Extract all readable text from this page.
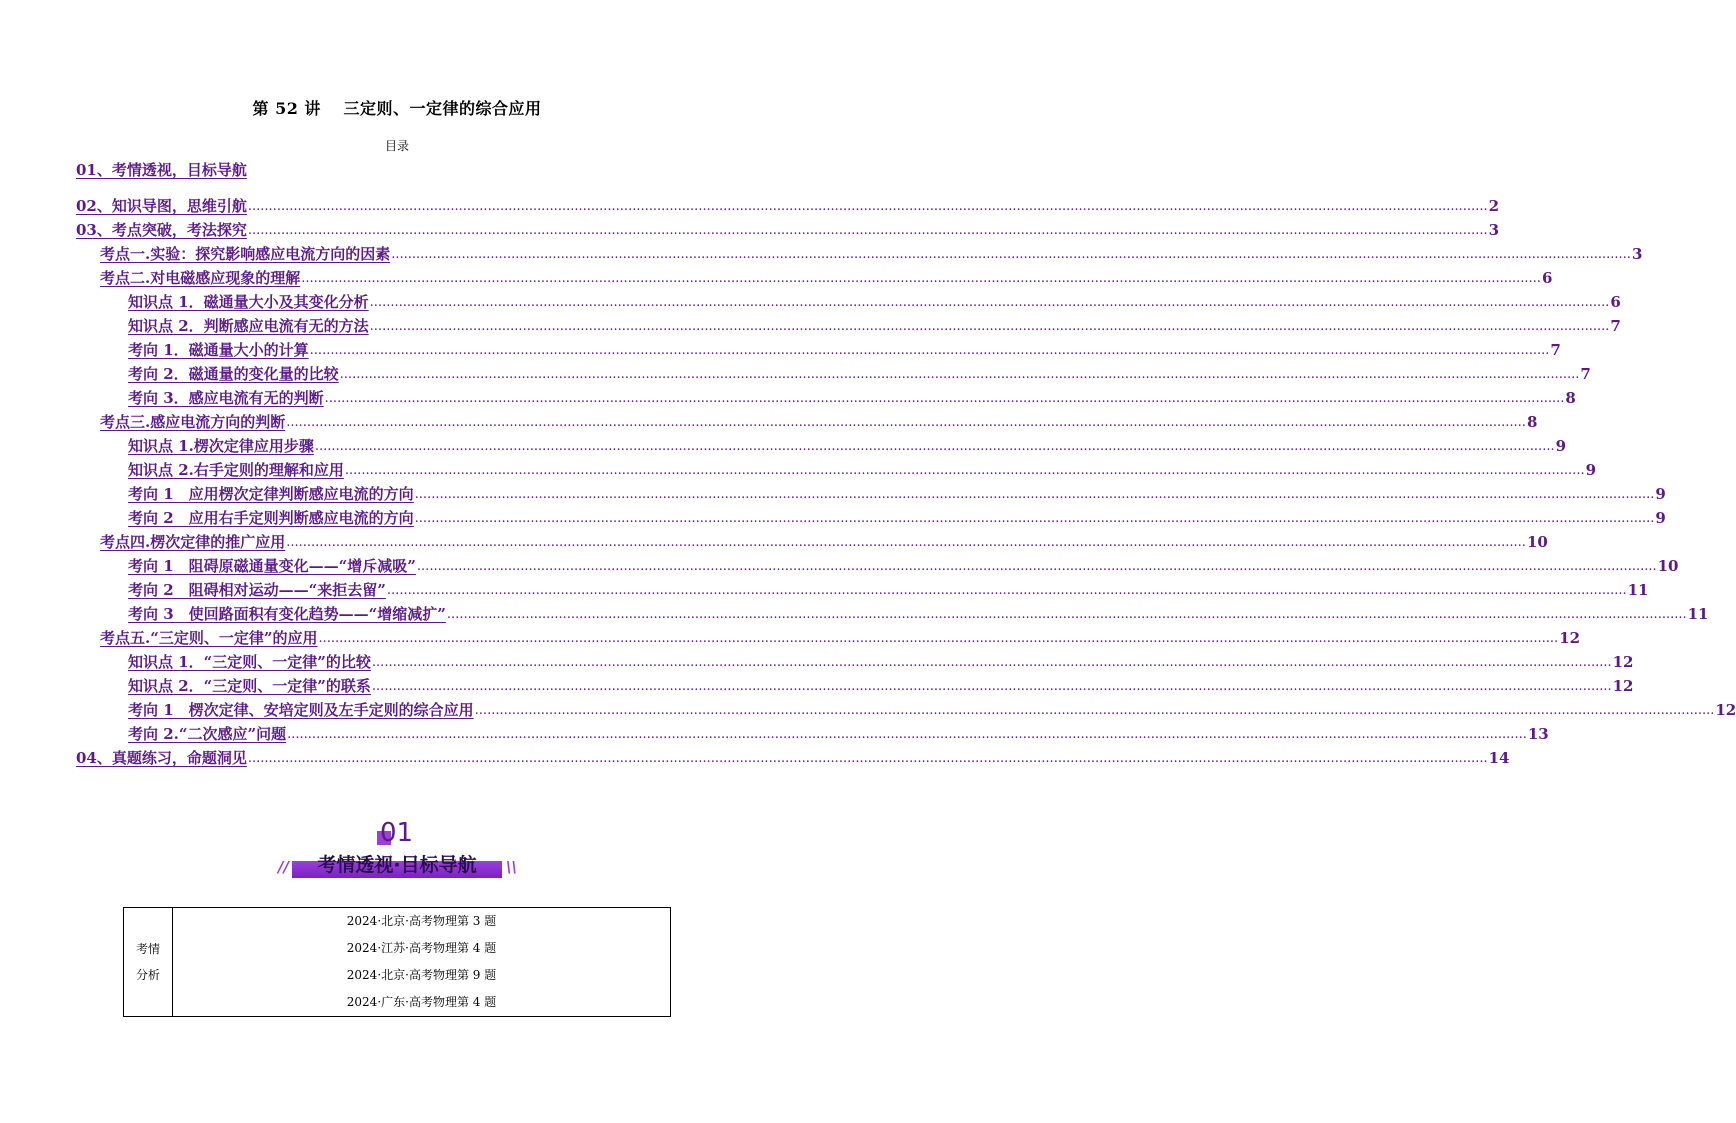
第 52 讲　 三定则、一定律的综合应用
目录
01、考情透视，目标导航
02、知识导图，思维引航 ............................................................................................................................................................................................................................................................................................................ 2
03、考点突破，考法探究 ............................................................................................................................................................................................................................................................................................................ 3
考点一.实验：探究影响感应电流方向的因素 ............................................................................................................................................................................................................................................................................................................ 3
考点二.对电磁感应现象的理解 ............................................................................................................................................................................................................................................................................................................ 6
知识点 1．磁通量大小及其变化分析 ............................................................................................................................................................................................................................................................................................................ 6
知识点 2．判断感应电流有无的方法 ............................................................................................................................................................................................................................................................................................................ 7
考向 1．磁通量大小的计算 ............................................................................................................................................................................................................................................................................................................ 7
考向 2．磁通量的变化量的比较 ............................................................................................................................................................................................................................................................................................................ 7
考向 3．感应电流有无的判断 ............................................................................................................................................................................................................................................................................................................ 8
考点三.感应电流方向的判断 ............................................................................................................................................................................................................................................................................................................ 8
知识点 1.楞次定律应用步骤 ............................................................................................................................................................................................................................................................................................................ 9
知识点 2.右手定则的理解和应用 ............................................................................................................................................................................................................................................................................................................ 9
考向 1　应用楞次定律判断感应电流的方向 ............................................................................................................................................................................................................................................................................................................ 9
考向 2　应用右手定则判断感应电流的方向 ............................................................................................................................................................................................................................................................................................................ 9
考点四.楞次定律的推广应用 ............................................................................................................................................................................................................................................................................................................ 10
考向 1　阻碍原磁通量变化——“增斥减吸” ............................................................................................................................................................................................................................................................................................................ 10
考向 2　阻碍相对运动——“来拒去留” ............................................................................................................................................................................................................................................................................................................ 11
考向 3　使回路面积有变化趋势——“增缩减扩” ............................................................................................................................................................................................................................................................................................................ 11
考点五.“三定则、一定律”的应用 ............................................................................................................................................................................................................................................................................................................ 12
知识点 1．“三定则、一定律”的比较 ............................................................................................................................................................................................................................................................................................................ 12
知识点 2．“三定则、一定律”的联系 ............................................................................................................................................................................................................................................................................................................ 12
考向 1　楞次定律、安培定则及左手定则的综合应用 ............................................................................................................................................................................................................................................................................................................ 12
考向 2.“二次感应”问题 ............................................................................................................................................................................................................................................................................................................ 13
04、真题练习，命题洞见 ............................................................................................................................................................................................................................................................................................................ 14
01
//	考情透视·目标导航	\\
考情
分析

2024·北京·高考物理第 3 题
2024·江苏·高考物理第 4 题
2024·北京·高考物理第 9 题
2024·广东·高考物理第 4 题
